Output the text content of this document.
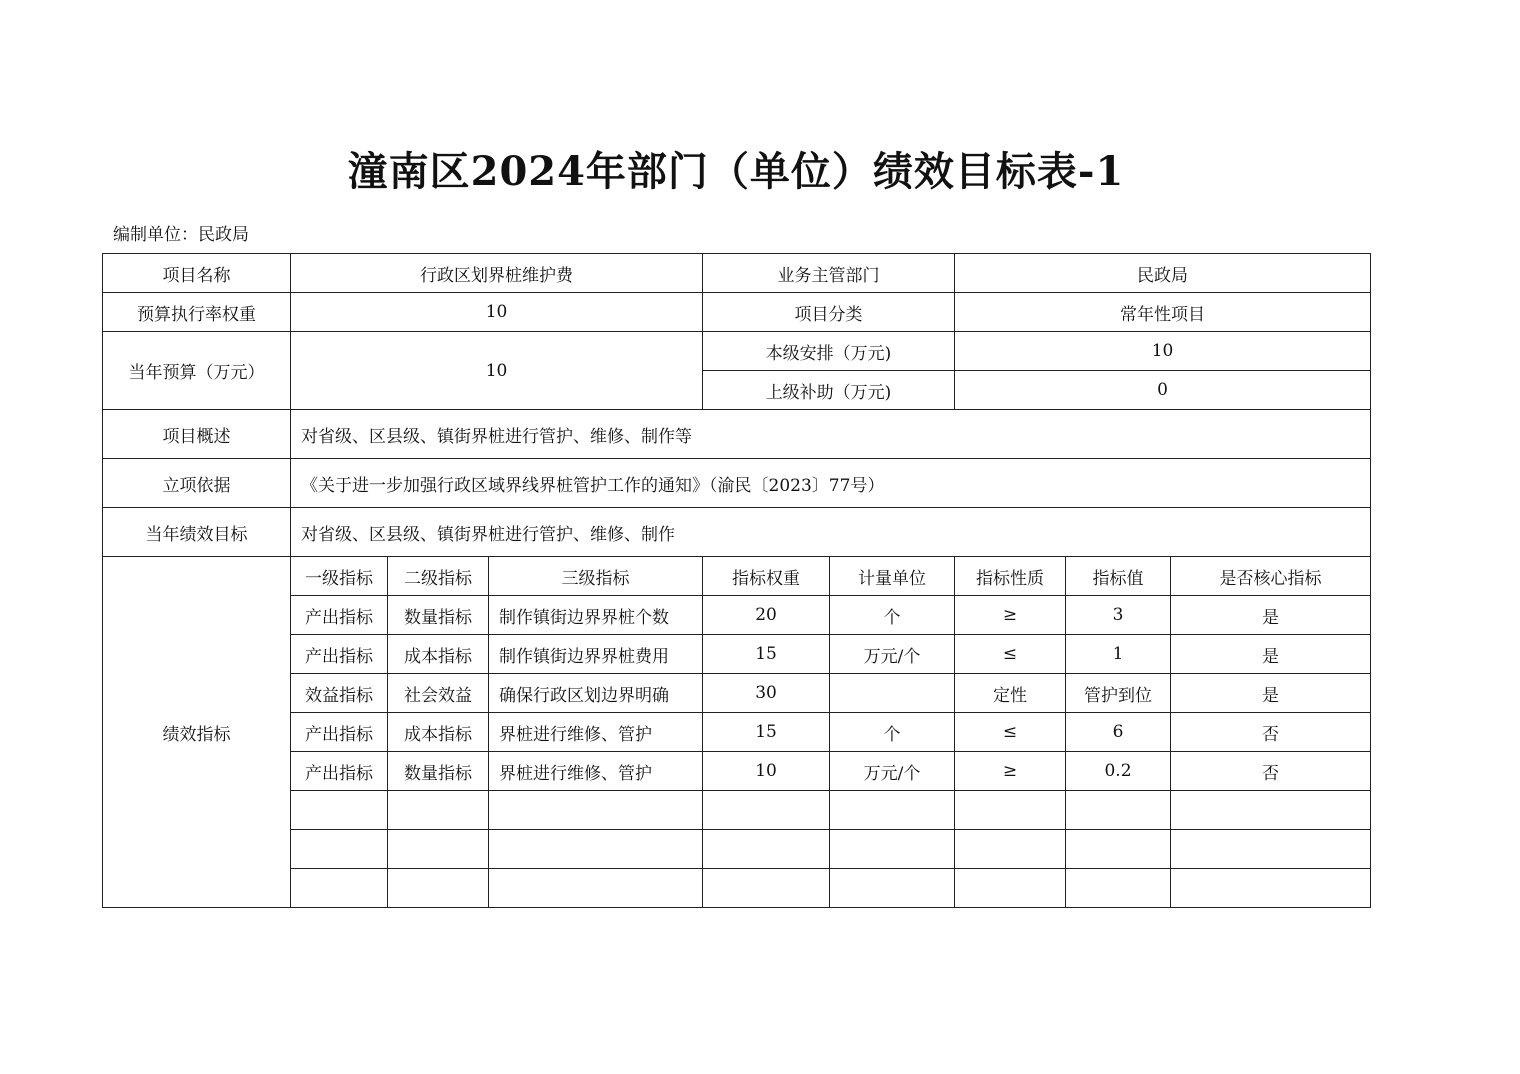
潼南区2024年部门（单位）绩效目标表-1
编制单位：民政局
项目名称	行政区划界桩维护费			业务主管部门		民政局		
预算执行率权重	10			项目分类		常年性项目		
当年预算（万元）	10			本级安排（万元)		10		
				上级补助（万元)		0		
项目概述	对省级、区县级、镇街界桩进行管护、维修、制作等							
立项依据	《关于进一步加强行政区域界线界桩管护工作的通知》（渝民〔2023〕77号）							
当年绩效目标	对省级、区县级、镇街界桩进行管护、维修、制作							
绩效指标	一级指标	二级指标	三级指标	指标权重	计量单位	指标性质	指标值	是否核心指标
	产出指标	数量指标	制作镇街边界界桩个数	20	个	≥	3	是
	产出指标	成本指标	制作镇街边界界桩费用	15	万元/个	≤	1	是
	效益指标	社会效益	确保行政区划边界明确	30		定性	管护到位	是
	产出指标	成本指标	界桩进行维修、管护	15	个	≤	6	否
	产出指标	数量指标	界桩进行维修、管护	10	万元/个	≥	0.2	否
